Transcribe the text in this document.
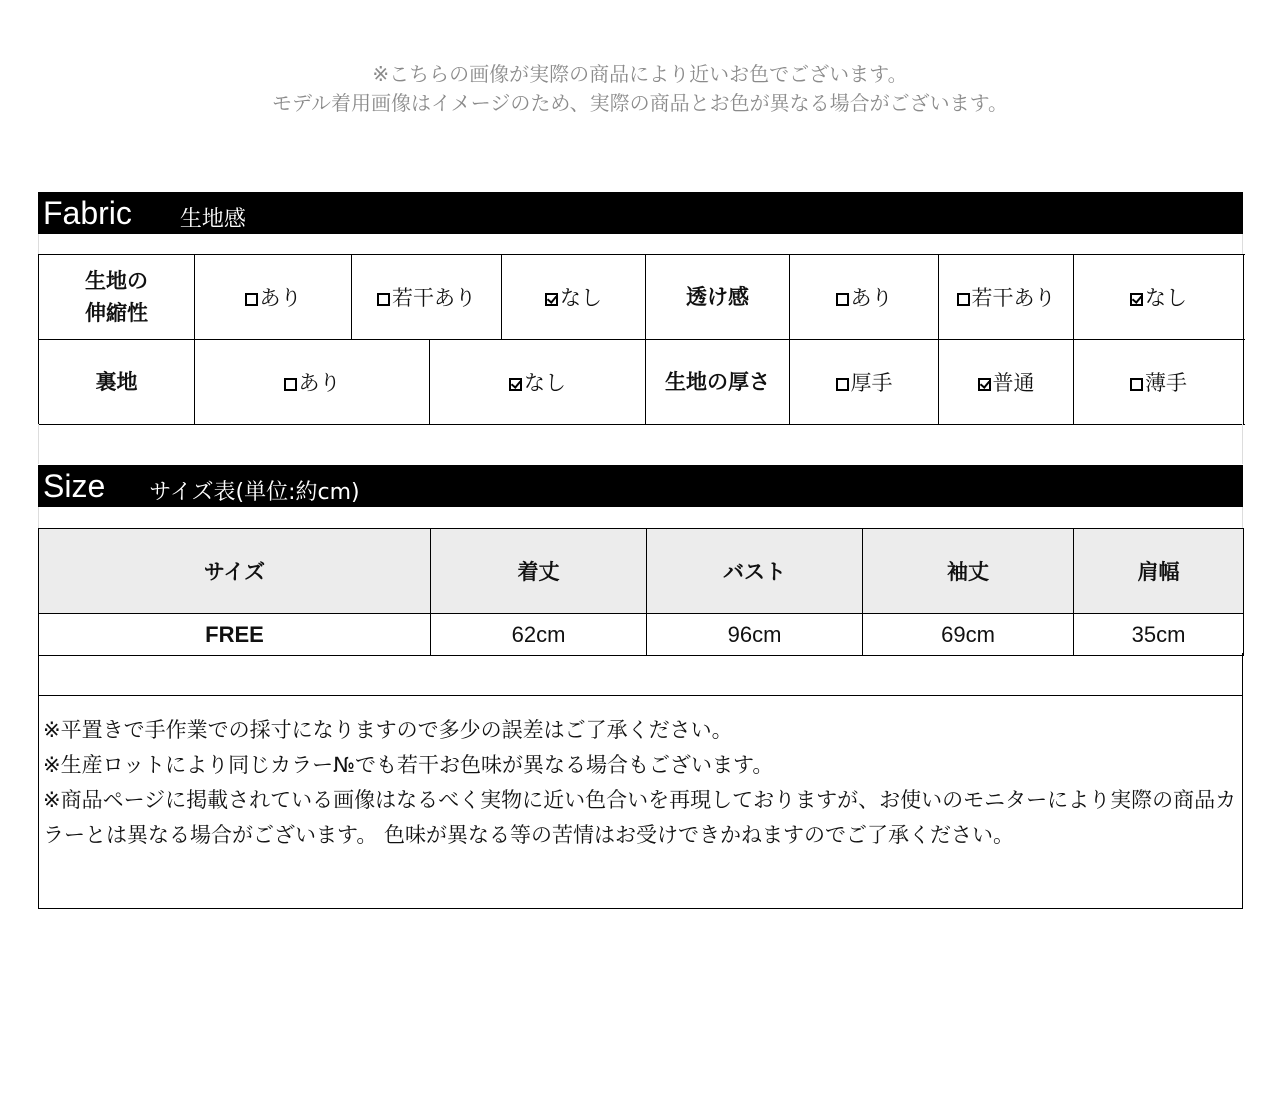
※こちらの画像が実際の商品により近いお色でございます。
モデル着用画像はイメージのため、実際の商品とお色が異なる場合がございます。
Fabric 生地感
生地の
伸縮性	あり	若干あり		なし	透け感	あり	若干あり	なし
裏地	あり		なし		生地の厚さ	厚手	普通	薄手
Size サイズ表(単位:約cm)
サイズ	着丈	バスト	袖丈	肩幅
FREE	62cm	96cm	69cm	35cm

※平置きで手作業での採寸になりますので多少の誤差はご了承ください。

※生産ロットにより同じカラー№でも若干お色味が異なる場合もございます。

※商品ページに掲載されている画像はなるべく実物に近い色合いを再現しておりますが、お使いのモニターにより実際の商品カラーとは異なる場合がございます。 色味が異なる等の苦情はお受けできかねますのでご了承ください。
